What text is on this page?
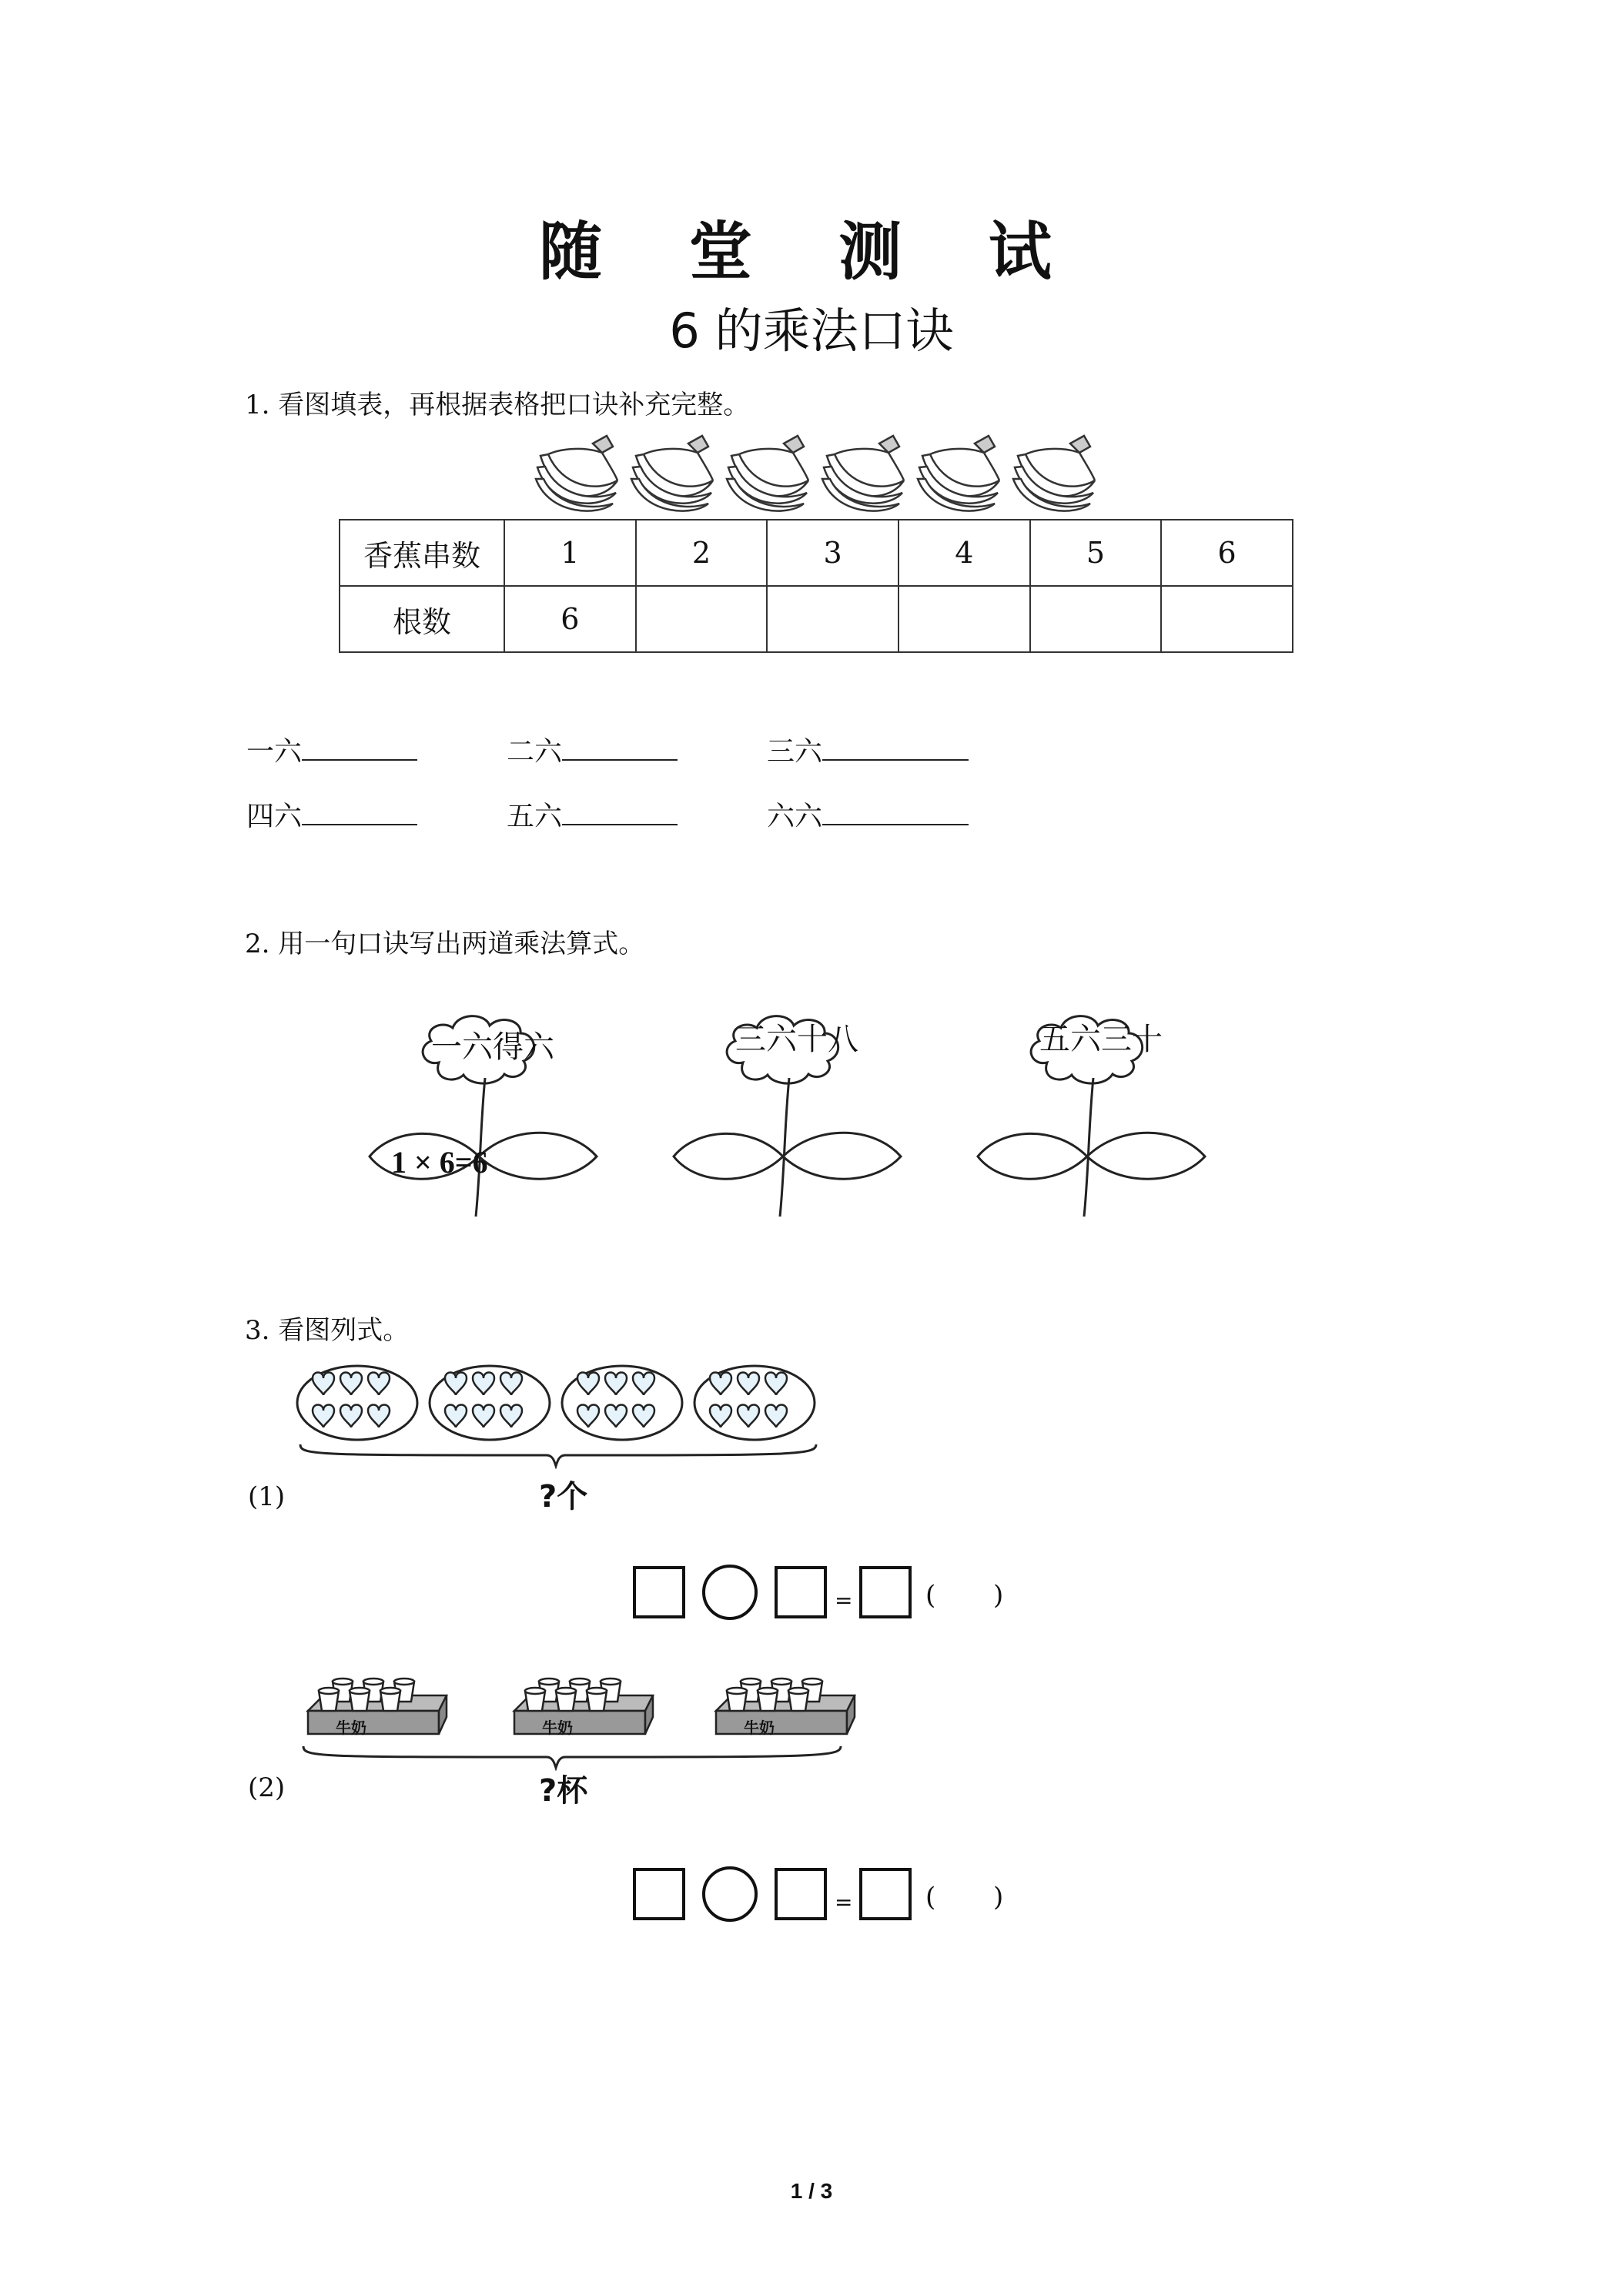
随 堂 测 试
6 的乘法口诀
1. 看图填表，再根据表格把口诀补充完整。
香蕉串数	1	2	3	4	5	6
根数	6					
一六	二六	三六
四六	五六	六六
2. 用一句口诀写出两道乘法算式。
一六得六	三六十八	五六三十
1 × 6=6
3. 看图列式。
(1)	?个
=	( )
牛奶	牛奶	牛奶
(2)	?杯
=	( )
1 / 3
